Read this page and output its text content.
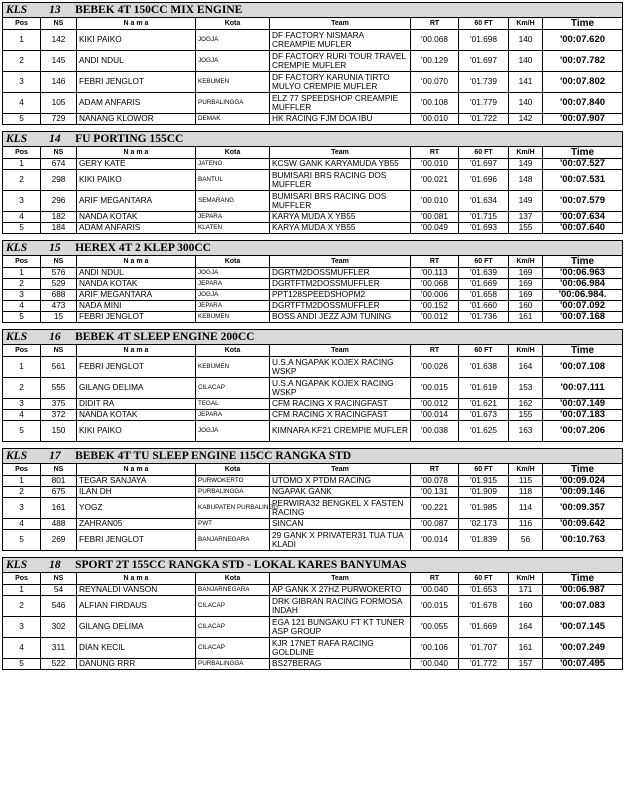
KLS 13 BEBEK 4T 150CC MIX ENGINE								
Pos	NS	N a m a	Kota	Team	RT	60 FT	Km/H	Time
1	142	KIKI PAIKO	JOGJA	DF FACTORY NISMARA CREAMPIE MUFLER	'00.068	'01.698	140	'00:07.620
2	145	ANDI NDUL	JOGJA	DF FACTORY RURI TOUR TRAVEL CREMPIE MUFLER	'00.129	'01.697	140	'00:07.782
3	146	FEBRI JENGLOT	KEBUMEN	DF FACTORY KARUNIA TIRTO MULYO CREMPIE MUFLER	'00.070	'01.739	141	'00:07.802
4	105	ADAM ANFARIS	PURBALINGGA	ELZ 77 SPEEDSHOP CREAMPIE MUFFLER	'00.108	'01.779	140	'00:07.840
5	729	NANANG KLOWOR	DEMAK	HK RACING FJM DOA IBU	'00.010	'01.722	142	'00:07.907
KLS 14 FU PORTING 155CC								
Pos	NS	N a m a	Kota	Team	RT	60 FT	Km/H	Time
1	674	GERY KATE	JATENG	KCSW GANK KARYAMUDA YB55	'00.010	'01.697	149	'00:07.527
2	298	KIKI PAIKO	BANTUL	BUMISARI BRS RACING DOS MUFFLER	'00.021	'01.696	148	'00:07.531
3	296	ARIF MEGANTARA	SEMARANG	BUMISARI BRS RACING DOS MUFFLER	'00.010	'01.634	149	'00:07.579
4	182	NANDA KOTAK	JEPARA	KARYA MUDA X YB55	'00.081	'01.715	137	'00:07.634
5	184	ADAM ANFARIS	KLATEN	KARYA MUDA X YB55	'00.049	'01.693	155	'00:07.640
KLS 15 HEREX 4T 2 KLEP 300CC								
Pos	NS	N a m a	Kota	Team	RT	60 FT	Km/H	Time
1	576	ANDI NDUL	JOGJA	DGRTM2DOSSMUFFLER	'00.113	'01.639	169	'00:06.963
2	529	NANDA KOTAK	JEPARA	DGRTFTM2DOSSMUFFLER	'00.068	'01.669	169	'00:06.984
3	688	ARIF MEGANTARA	JOGJA	PPT128SPEEDSHOPM2	'00.006	'01.658	169	'00:06.984.
4	473	NADA MINI	JEPARA	DGRTFTM2DOSSMUFFLER	'00.152	'01.660	160	'00:07.092
5	15	FEBRI JENGLOT	KEBUMEN	BOSS ANDI JEZZ AJM TUNING	'00.012	'01.736	161	'00:07.168
KLS 16 BEBEK 4T SLEEP ENGINE 200CC								
Pos	NS	N a m a	Kota	Team	RT	60 FT	Km/H	Time
1	561	FEBRI JENGLOT	KEBUMEN	U.S.A NGAPAK KOJEX RACING WSKP	'00.026	'01.638	164	'00:07.108
2	555	GILANG DELIMA	CILACAP	U.S.A NGAPAK KOJEX RACING WSKP	'00.015	'01.619	153	'00:07.111
3	375	DIDIT RA	TEGAL	CFM RACING X RACINGFAST	'00.012	'01.621	162	'00:07.149
4	372	NANDA KOTAK	JEPARA	CFM RACING X RACINGFAST	'00.014	'01.673	155	'00:07.183
5	150	KIKI PAIKO	JOGJA	KIMNARA KF21 CREMPIE MUFLER	'00.038	'01.625	163	'00:07.206
KLS 17 BEBEK 4T TU SLEEP ENGINE 115CC RANGKA STD								
Pos	NS	N a m a	Kota	Team	RT	60 FT	Km/H	Time
1	801	TEGAR SANJAYA	PURWOKERTO	UTOMO X PTDM RACING	'00.078	'01.915	115	'00:09.024
2	675	ILAN DH	PURBALINGGA	NGAPAK GANK	'00.131	'01.909	118	'00:09.146
3	161	YOGZ	KABUPATEN PURBALINGG	PERWIRA32 BENGKEL X FASTEN RACING	'00.221	'01.985	114	'00:09.357
4	488	ZAHRAN05	PWT	SINCAN	'00.087	'02.173	116	'00:09.642
5	269	FEBRI JENGLOT	BANJARNEGARA	29 GANK X PRIVATER31 TUA TUA KLADI	'00.014	'01.839	56	'00:10.763
KLS 18 SPORT 2T 155CC RANGKA STD - LOKAL KARES BANYUMAS								
Pos	NS	N a m a	Kota	Team	RT	60 FT	Km/H	Time
1	54	REYNALDI VANSON	BANJARNEGARA	AP GANK X 27HZ PURWOKERTO	'00.040	'01.653	171	'00:06.987
2	546	ALFIAN FIRDAUS	CILACAP	DRK GIBRAN RACING FORMOSA INDAH	'00.015	'01.678	160	'00:07.083
3	302	GILANG DELIMA	CILACAP	EGA 121 BUNGAKU FT KT TUNER ASP GROUP	'00.055	'01.669	164	'00:07.145
4	311	DIAN KECIL	CILACAP	KJR 17NET RAFA RACING GOLDLINE	'00.106	'01.707	161	'00:07.249
5	522	DANUNG RRR	PURBALINGGA	BS27BERAG	'00.040	'01.772	157	'00:07.495
